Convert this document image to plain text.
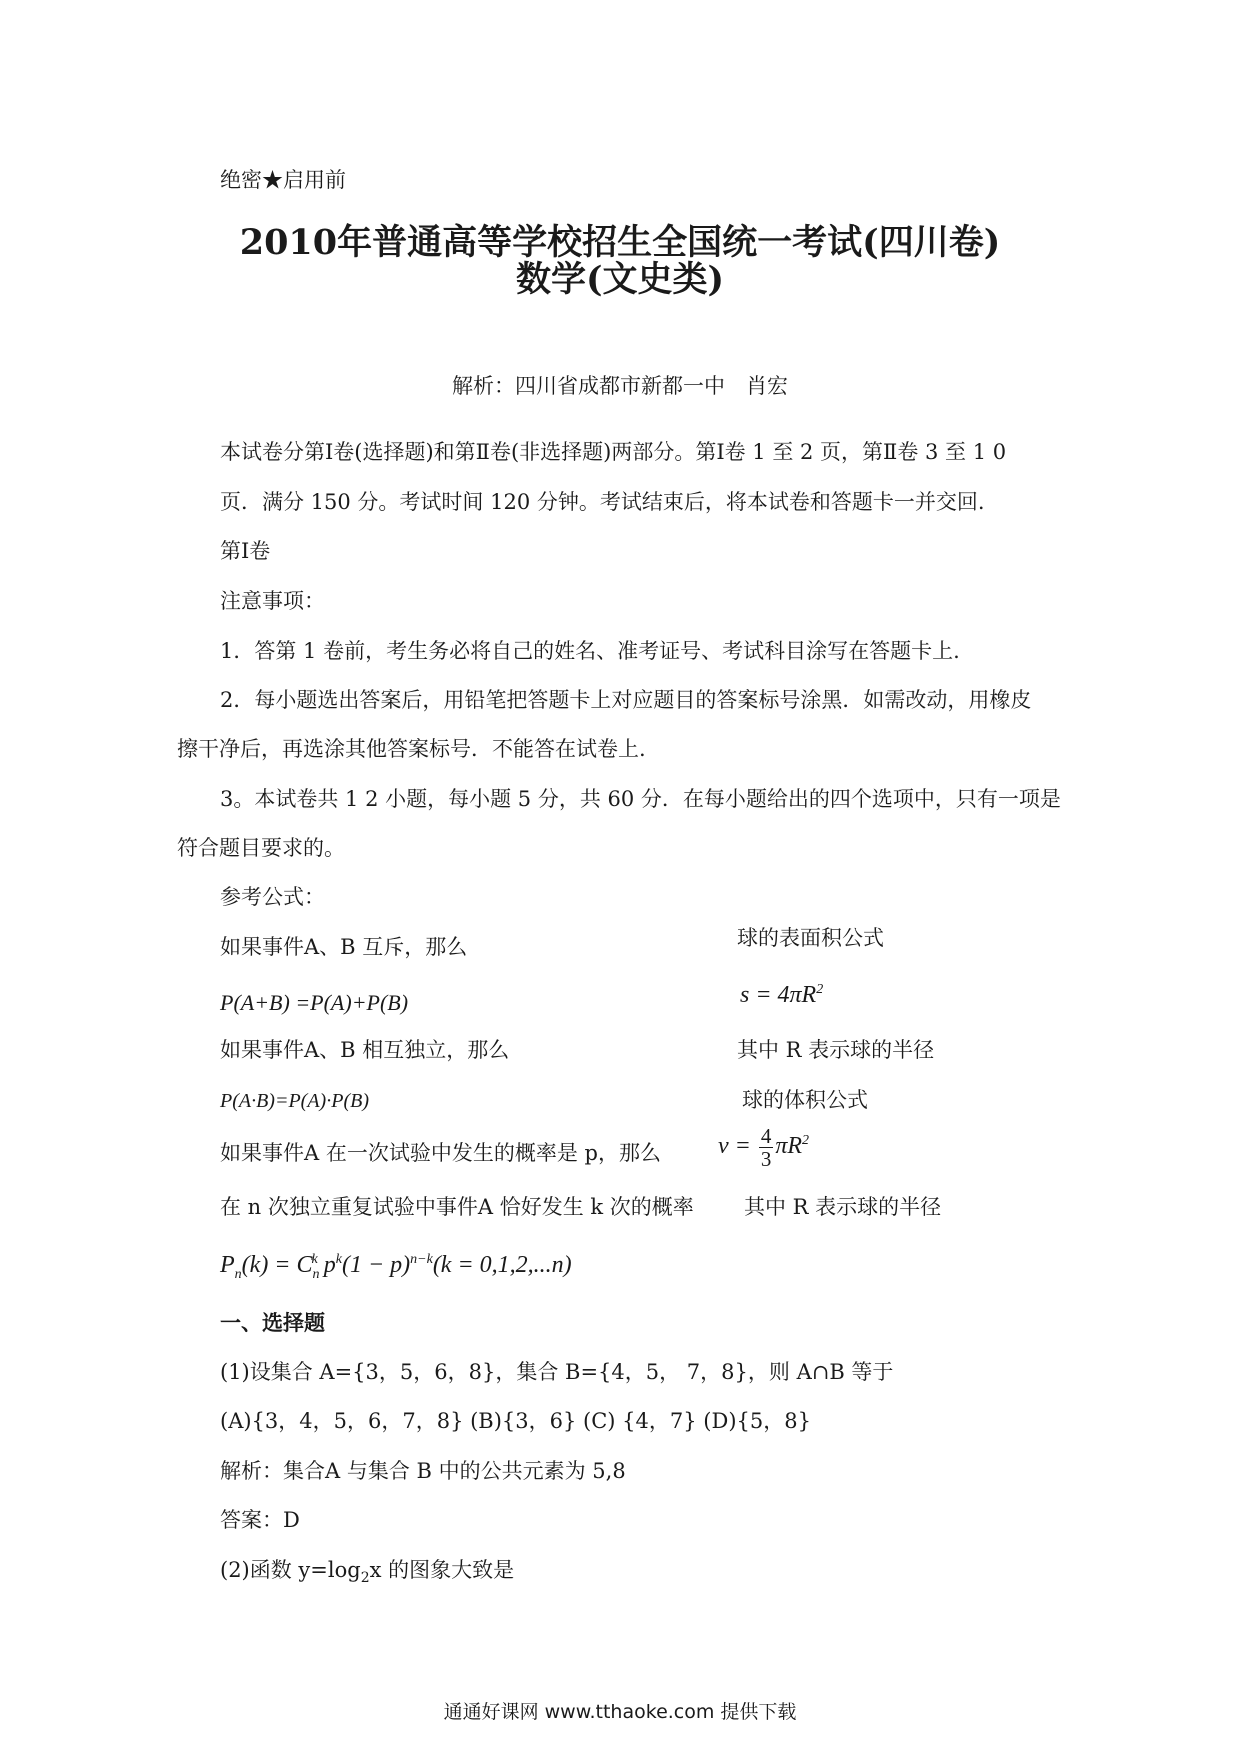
绝密★启用前
2010年普通高等学校招生全国统一考试(四川卷)
数学(文史类)
解析：四川省成都市新都一中　肖宏
本试卷分第Ⅰ卷(选择题)和第Ⅱ卷(非选择题)两部分。第Ⅰ卷 1 至 2 页，第Ⅱ卷 3 至 1 0
页．满分 150 分。考试时间 120 分钟。考试结束后，将本试卷和答题卡一并交回.
第Ⅰ卷
注意事项：
1．答第 1 卷前，考生务必将自己的姓名、准考证号、考试科目涂写在答题卡上.
2．每小题选出答案后，用铅笔把答题卡上对应题目的答案标号涂黑．如需改动，用橡皮
擦干净后，再选涂其他答案标号．不能答在试卷上.
3。本试卷共 1 2 小题，每小题 5 分，共 60 分．在每小题给出的四个选项中，只有一项是
符合题目要求的。
参考公式：
如果事件A、B 互斥，那么
P(A+B) =P(A)+P(B)
如果事件A、B 相互独立，那么
P(A·B)=P(A)·P(B)
如果事件A 在一次试验中发生的概率是 p，那么
在 n 次独立重复试验中事件A 恰好发生 k 次的概率
$P_n(k) = C_n^k$ $p^k(1 - p)^{n-k}(k = 0,1,2,...n)$
球的表面积公式
$s = 4\pi R^2$
其中 R 表示球的半径
球的体积公式
$v = \frac{4}{3} \pi R^2$
其中 R 表示球的半径
一、选择题
(1)设集合 A={3，5，6，8}，集合 B={4，5， 7，8}，则 A∩B 等于
(A){3，4，5，6，7，8} (B){3，6} (C) {4，7} (D){5，8}
解析：集合A 与集合 B 中的公共元素为 5,8
答案：D
(2)函数 $y=\log_2x$ 的图象大致是
通通好课网 www.tthaoke.com 提供下载
